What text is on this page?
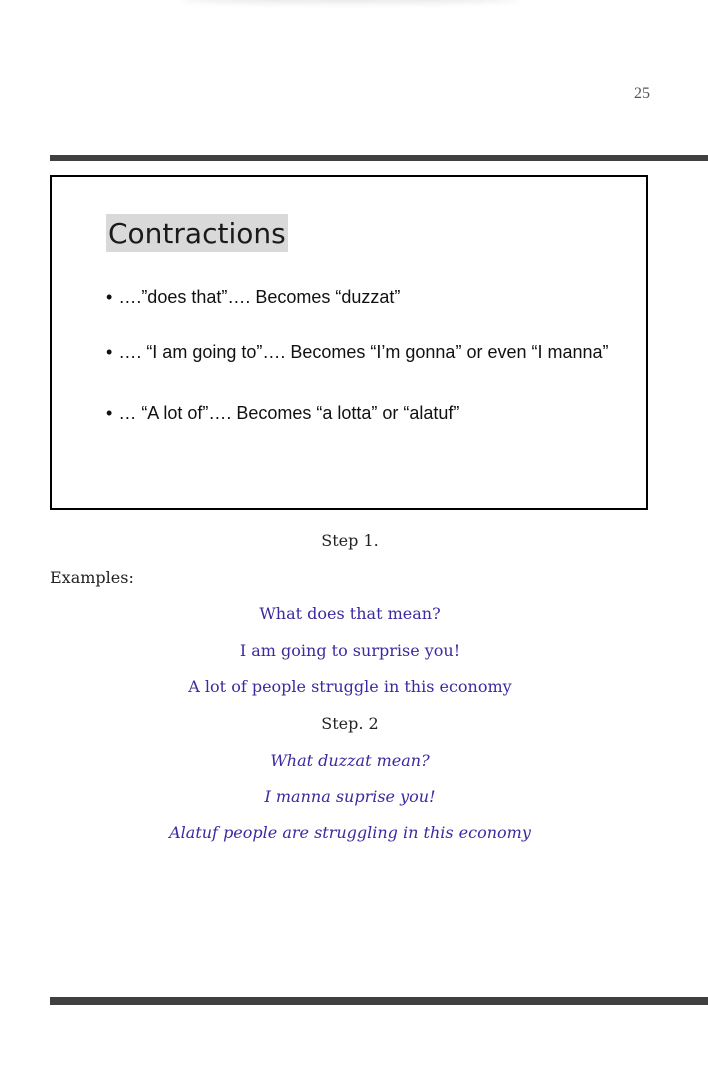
25
Contractions
• ….”does that”…. Becomes “duzzat”
• …. “I am going to”…. Becomes “I’m gonna” or even “I manna”
• … “A lot of”…. Becomes “a lotta” or “alatuf”
Step 1.
Examples:
What does that mean?
I am going to surprise you!
A lot of people struggle in this economy
Step. 2
What duzzat mean?
I manna suprise you!
Alatuf people are struggling in this economy
